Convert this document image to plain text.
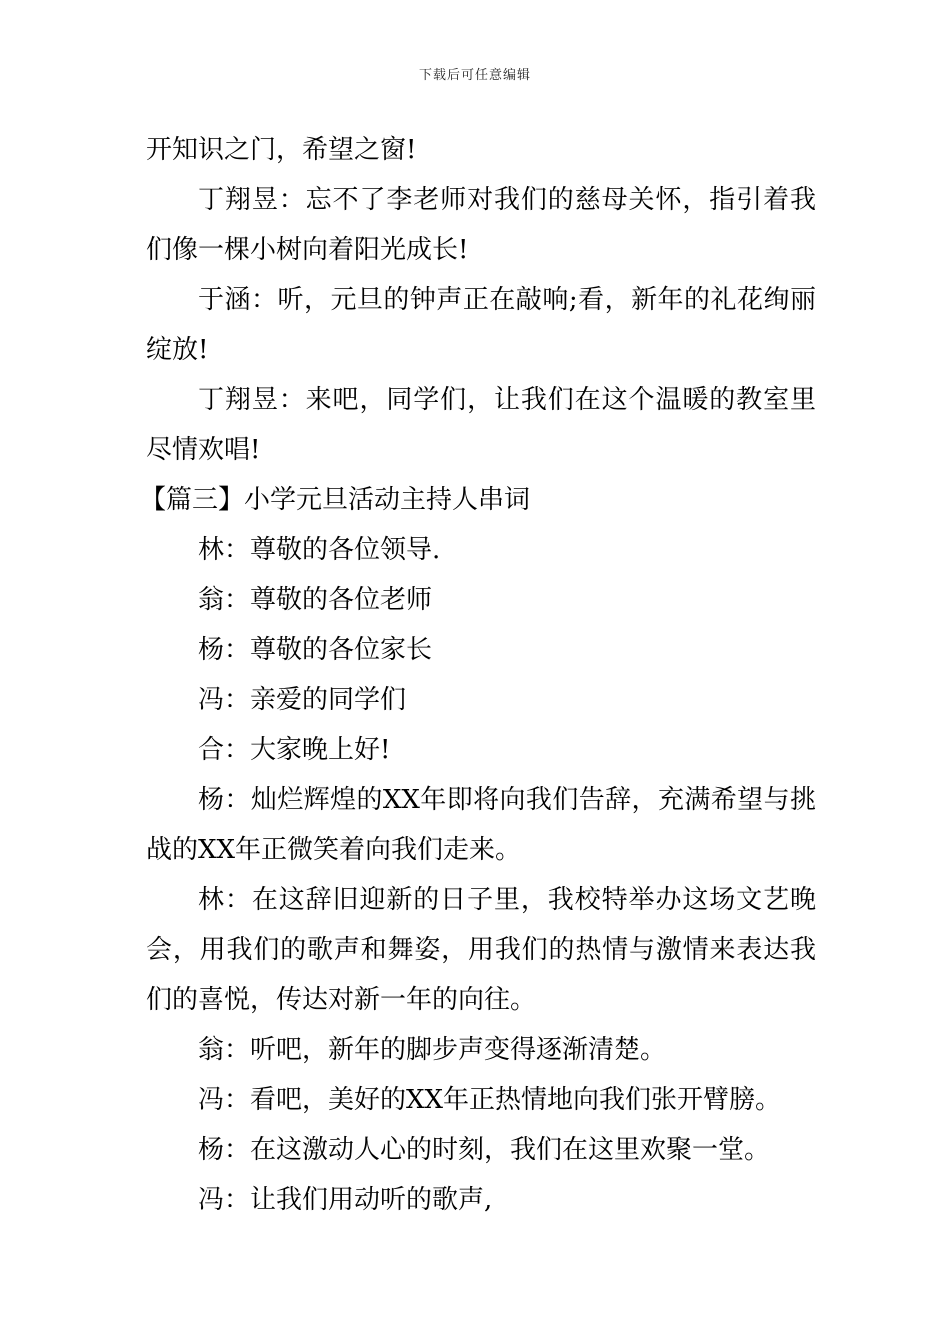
下载后可任意编辑

开知识之门，希望之窗!

丁翔昱：忘不了李老师对我们的慈母关怀，指引着我们像一棵小树向着阳光成长!

于涵：听，元旦的钟声正在敲响;看，新年的礼花绚丽绽放!

丁翔昱：来吧，同学们，让我们在这个温暖的教室里尽情欢唱!

【篇三】小学元旦活动主持人串词

林：尊敬的各位领导.

翁：尊敬的各位老师

杨：尊敬的各位家长

冯：亲爱的同学们

合：大家晚上好!

杨：灿烂辉煌的XX年即将向我们告辞，充满希望与挑战的XX年正微笑着向我们走来。

林：在这辞旧迎新的日子里，我校特举办这场文艺晚会，用我们的歌声和舞姿，用我们的热情与激情来表达我们的喜悦，传达对新一年的向往。

翁：听吧，新年的脚步声变得逐渐清楚。

冯：看吧，美好的XX年正热情地向我们张开臂膀。

杨：在这激动人心的时刻，我们在这里欢聚一堂。

冯：让我们用动听的歌声,
